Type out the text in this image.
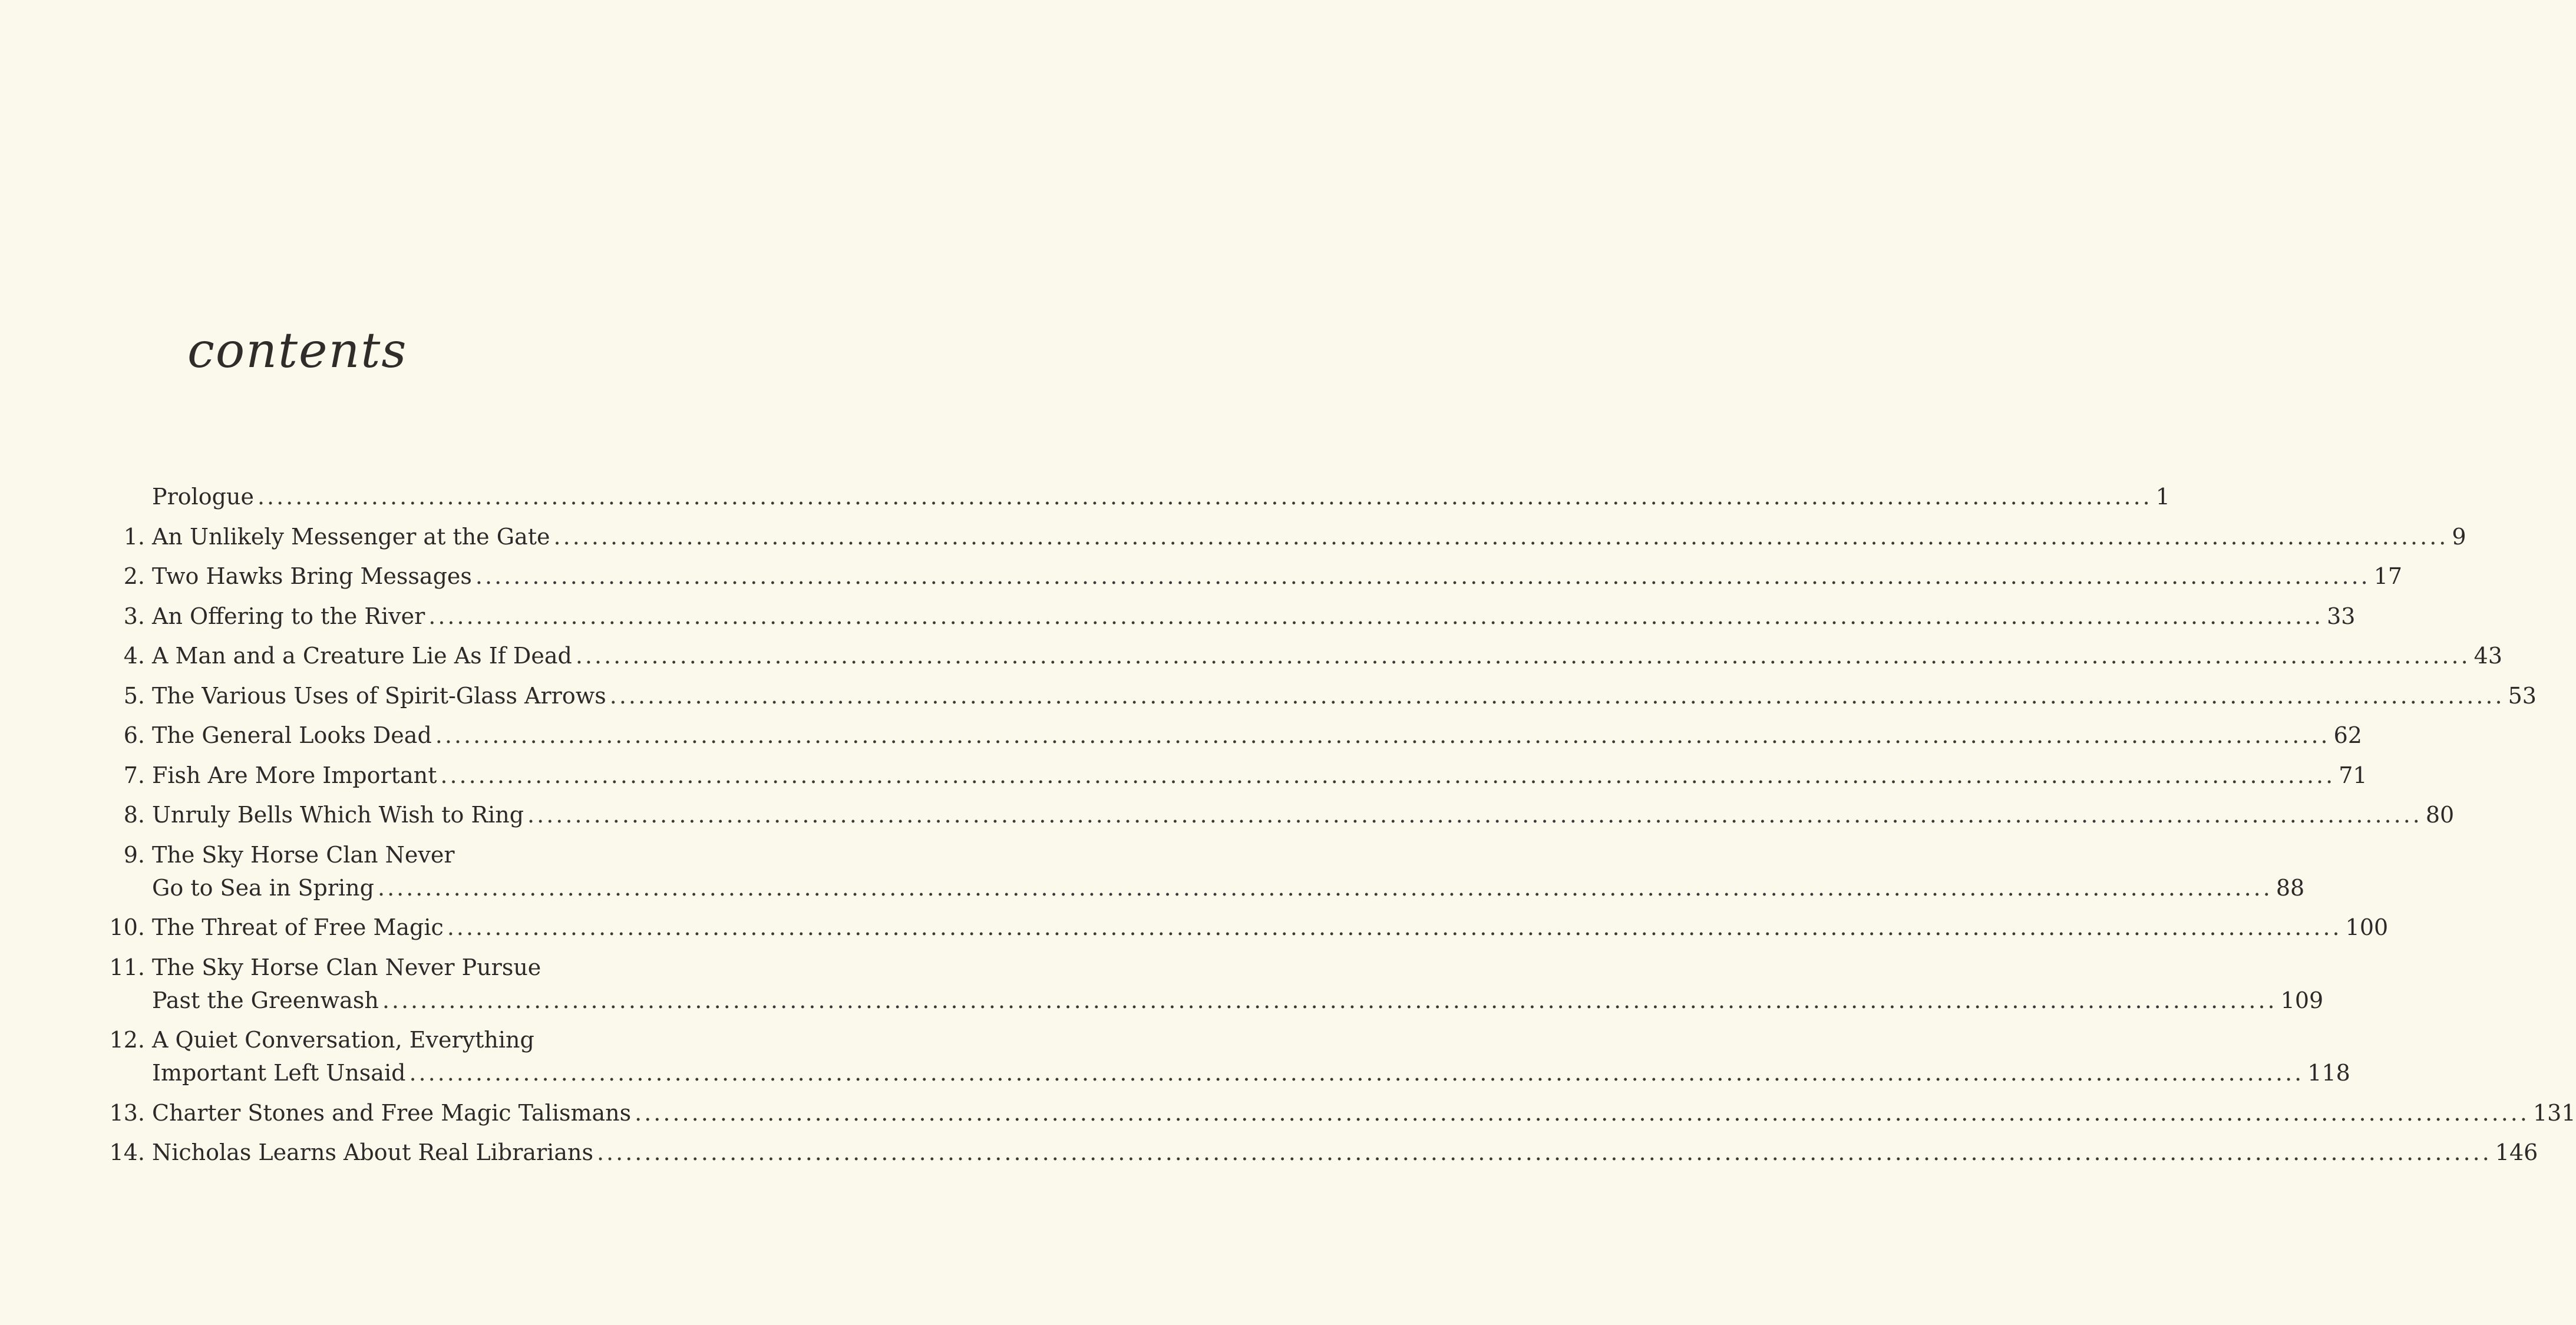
contents
Prologue ........................................................................................................................................................................................................ 1
1. An Unlikely Messenger at the Gate ........................................................................................................................................................................................................ 9
2. Two Hawks Bring Messages ........................................................................................................................................................................................................ 17
3. An Offering to the River ........................................................................................................................................................................................................ 33
4. A Man and a Creature Lie As If Dead ........................................................................................................................................................................................................ 43
5. The Various Uses of Spirit-Glass Arrows ........................................................................................................................................................................................................ 53
6. The General Looks Dead ........................................................................................................................................................................................................ 62
7. Fish Are More Important ........................................................................................................................................................................................................ 71
8. Unruly Bells Which Wish to Ring ........................................................................................................................................................................................................ 80
9. The Sky Horse Clan Never
Go to Sea in Spring ........................................................................................................................................................................................................ 88
10. The Threat of Free Magic ........................................................................................................................................................................................................ 100
11. The Sky Horse Clan Never Pursue
Past the Greenwash ........................................................................................................................................................................................................ 109
12. A Quiet Conversation, Everything
Important Left Unsaid ........................................................................................................................................................................................................ 118
13. Charter Stones and Free Magic Talismans ........................................................................................................................................................................................................ 131
14. Nicholas Learns About Real Librarians ........................................................................................................................................................................................................ 146
